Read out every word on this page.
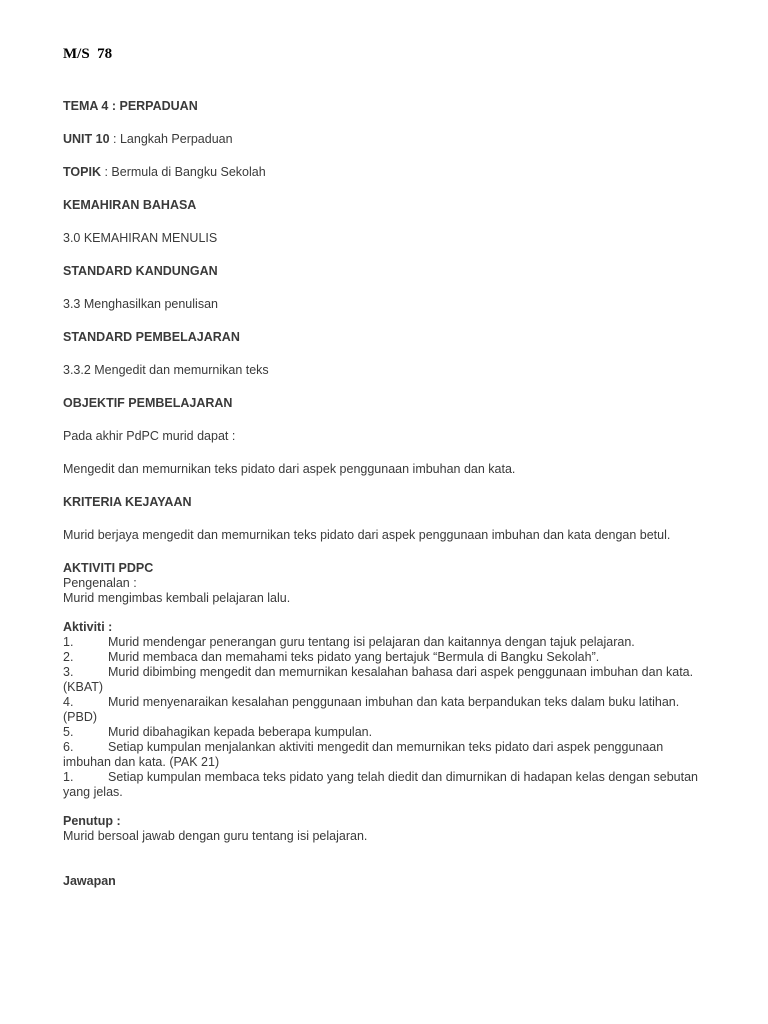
M/S  78
TEMA 4 : PERPADUAN
UNIT 10 : Langkah Perpaduan
TOPIK : Bermula di Bangku Sekolah
KEMAHIRAN BAHASA
3.0 KEMAHIRAN MENULIS
STANDARD KANDUNGAN
3.3 Menghasilkan penulisan
STANDARD PEMBELAJARAN
3.3.2 Mengedit dan memurnikan teks
OBJEKTIF PEMBELAJARAN
Pada akhir PdPC murid dapat :
Mengedit dan memurnikan teks pidato dari aspek penggunaan imbuhan dan kata.
KRITERIA KEJAYAAN
Murid berjaya mengedit dan memurnikan teks pidato dari aspek penggunaan imbuhan dan kata dengan betul.
AKTIVITI PDPC
Pengenalan :
Murid mengimbas kembali pelajaran lalu.
Aktiviti :
1.	Murid mendengar penerangan guru tentang isi pelajaran dan kaitannya dengan tajuk pelajaran.
2.	Murid membaca dan memahami teks pidato yang bertajuk “Bermula di Bangku Sekolah”.
3.	Murid dibimbing mengedit dan memurnikan kesalahan bahasa dari aspek penggunaan imbuhan dan kata.
(KBAT)
4.	Murid menyenaraikan kesalahan penggunaan imbuhan dan kata berpandukan teks dalam buku latihan.
(PBD)
5.	Murid dibahagikan kepada beberapa kumpulan.
6.	Setiap kumpulan menjalankan aktiviti mengedit dan memurnikan teks pidato dari aspek penggunaan
imbuhan dan kata. (PAK 21)
1.	Setiap kumpulan membaca teks pidato yang telah diedit dan dimurnikan di hadapan kelas dengan sebutan
yang jelas.
Penutup :
Murid bersoal jawab dengan guru tentang isi pelajaran.
Jawapan
